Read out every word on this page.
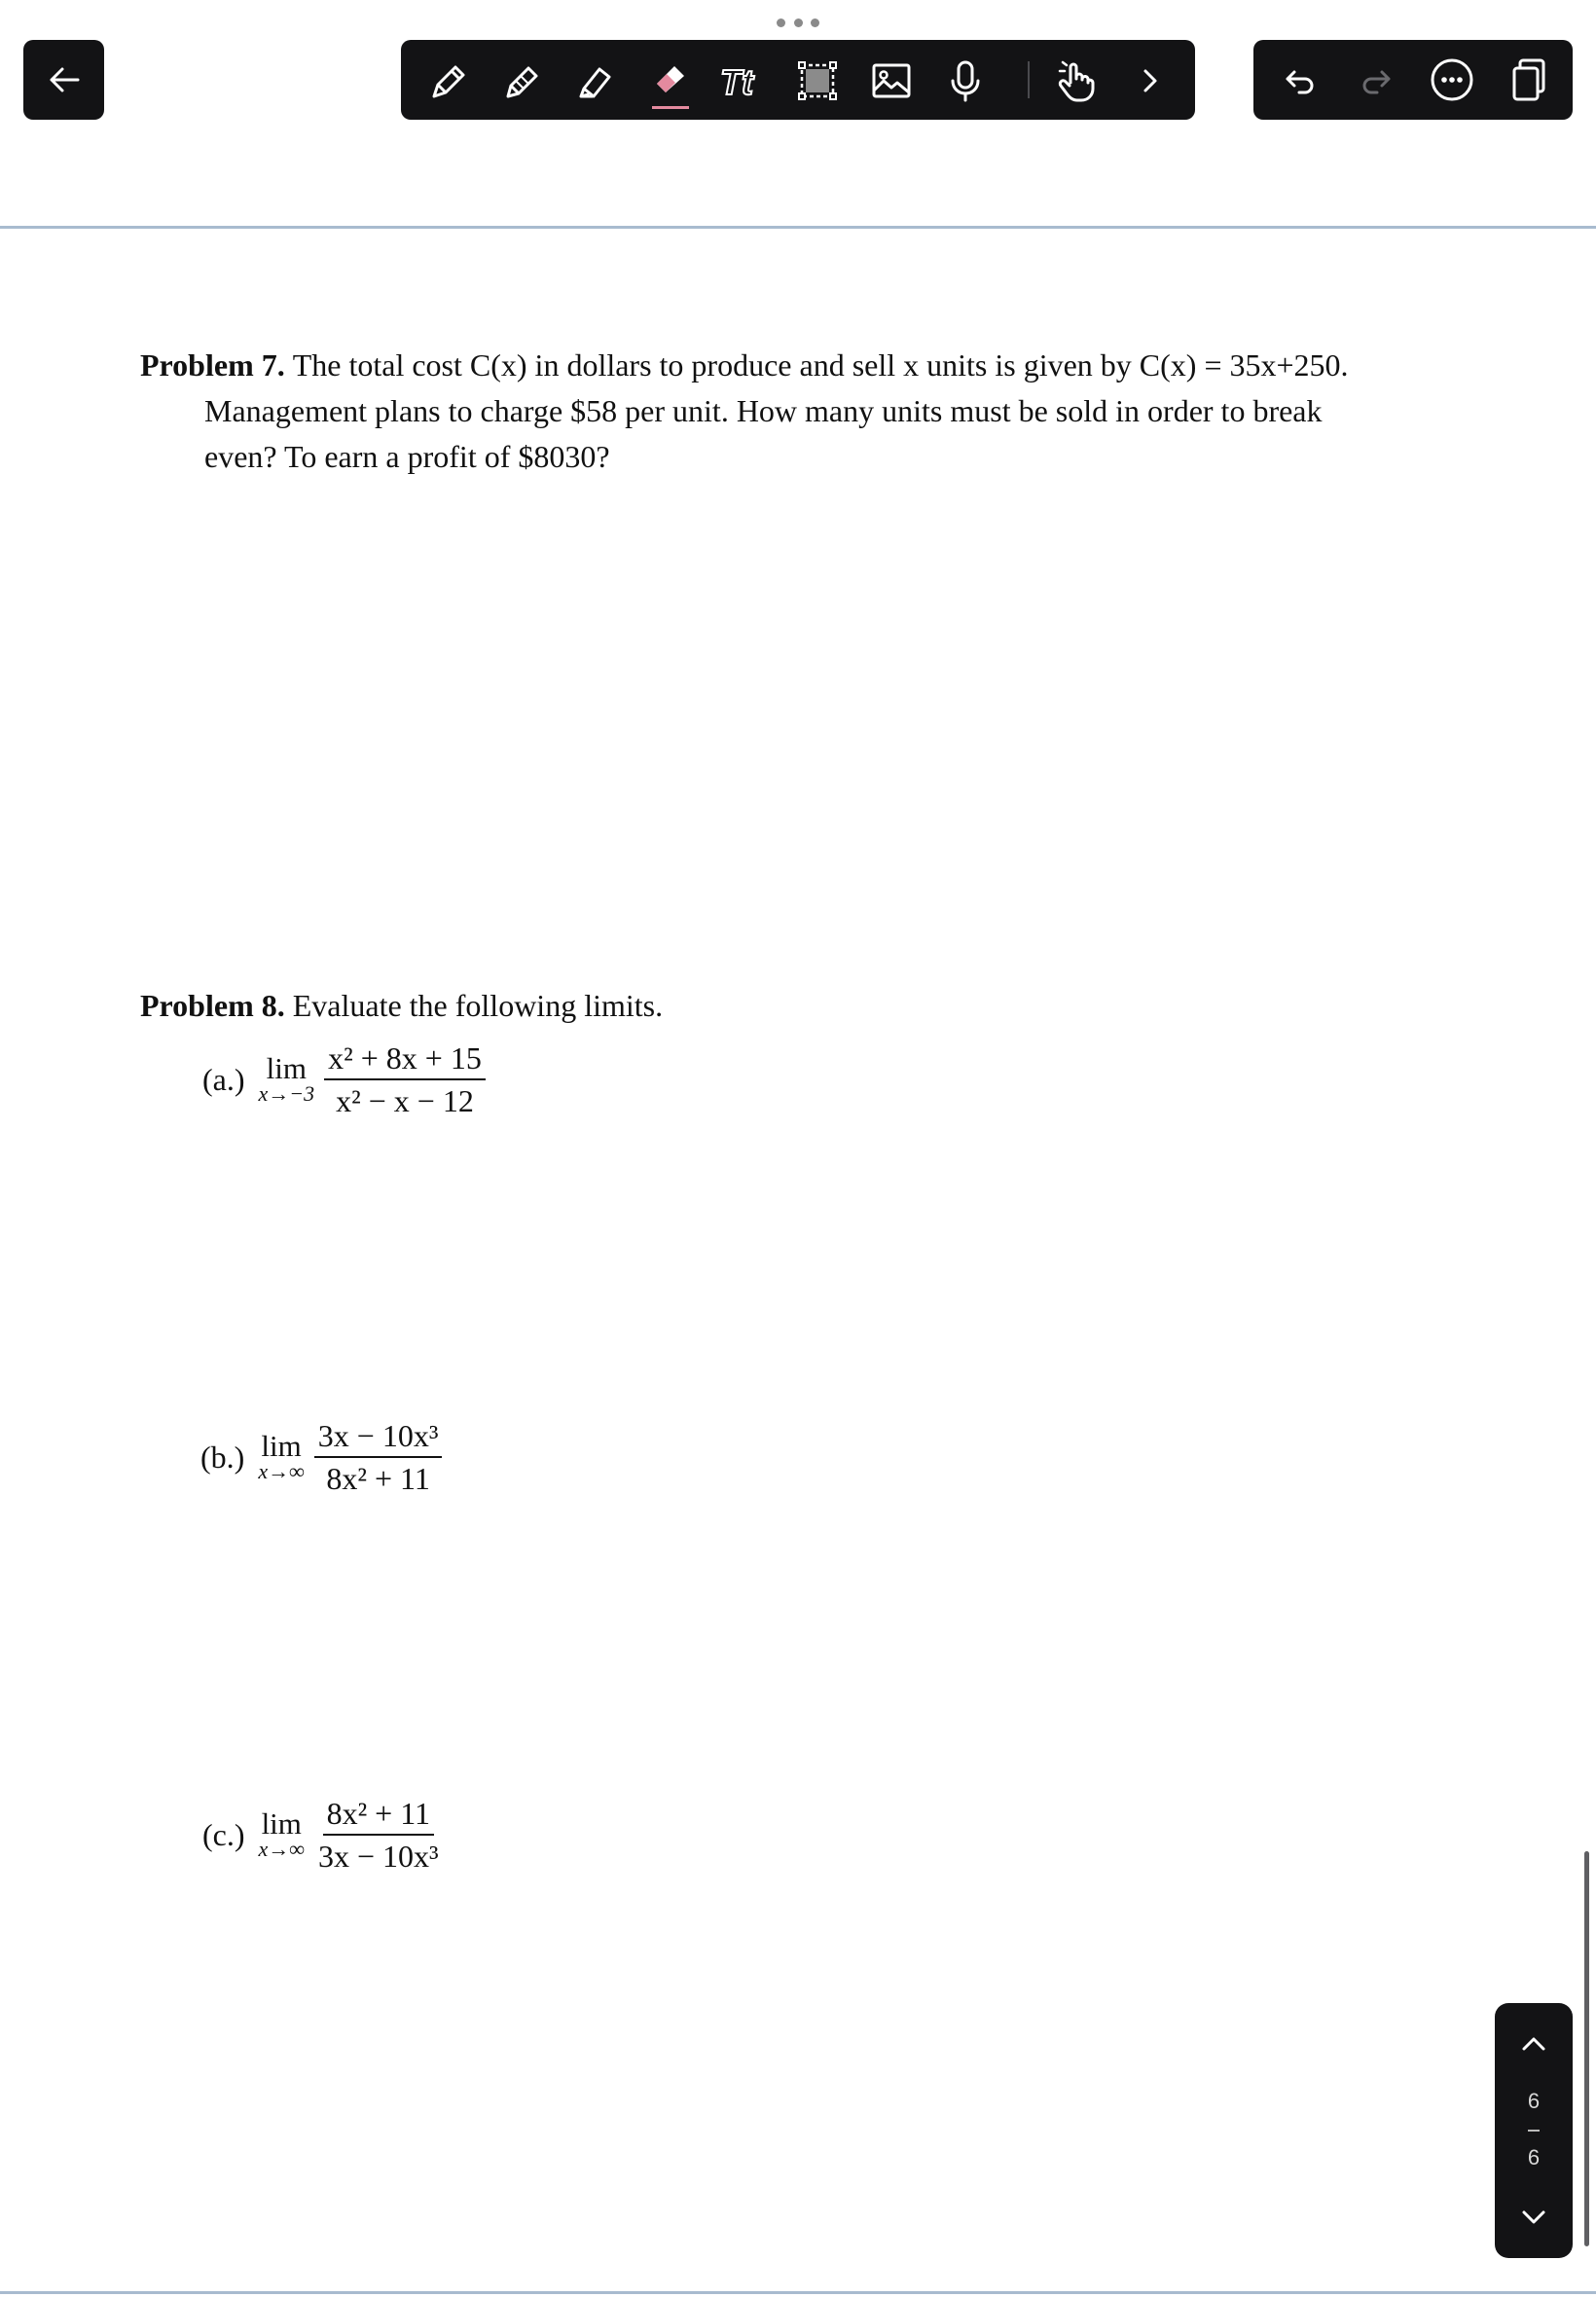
Tt
Problem 7. The total cost C(x) in dollars to produce and sell x units is given by C(x) = 35x+250.
Management plans to charge $58 per unit. How many units must be sold in order to break
even? To earn a profit of $8030?
Problem 8. Evaluate the following limits.
(a.) lim
$x\to-3 \frac{\text{x² + 8x + 15}}{\text{x² − x − 12}}$
(b.) lim
$x\to\infty \frac{\text{3x − 10x³}}{\text{8x² + 11}}$
(c.) lim
$x\to\infty \frac{\text{8x² + 11}}{\text{3x − 10x³}}$
6
6
